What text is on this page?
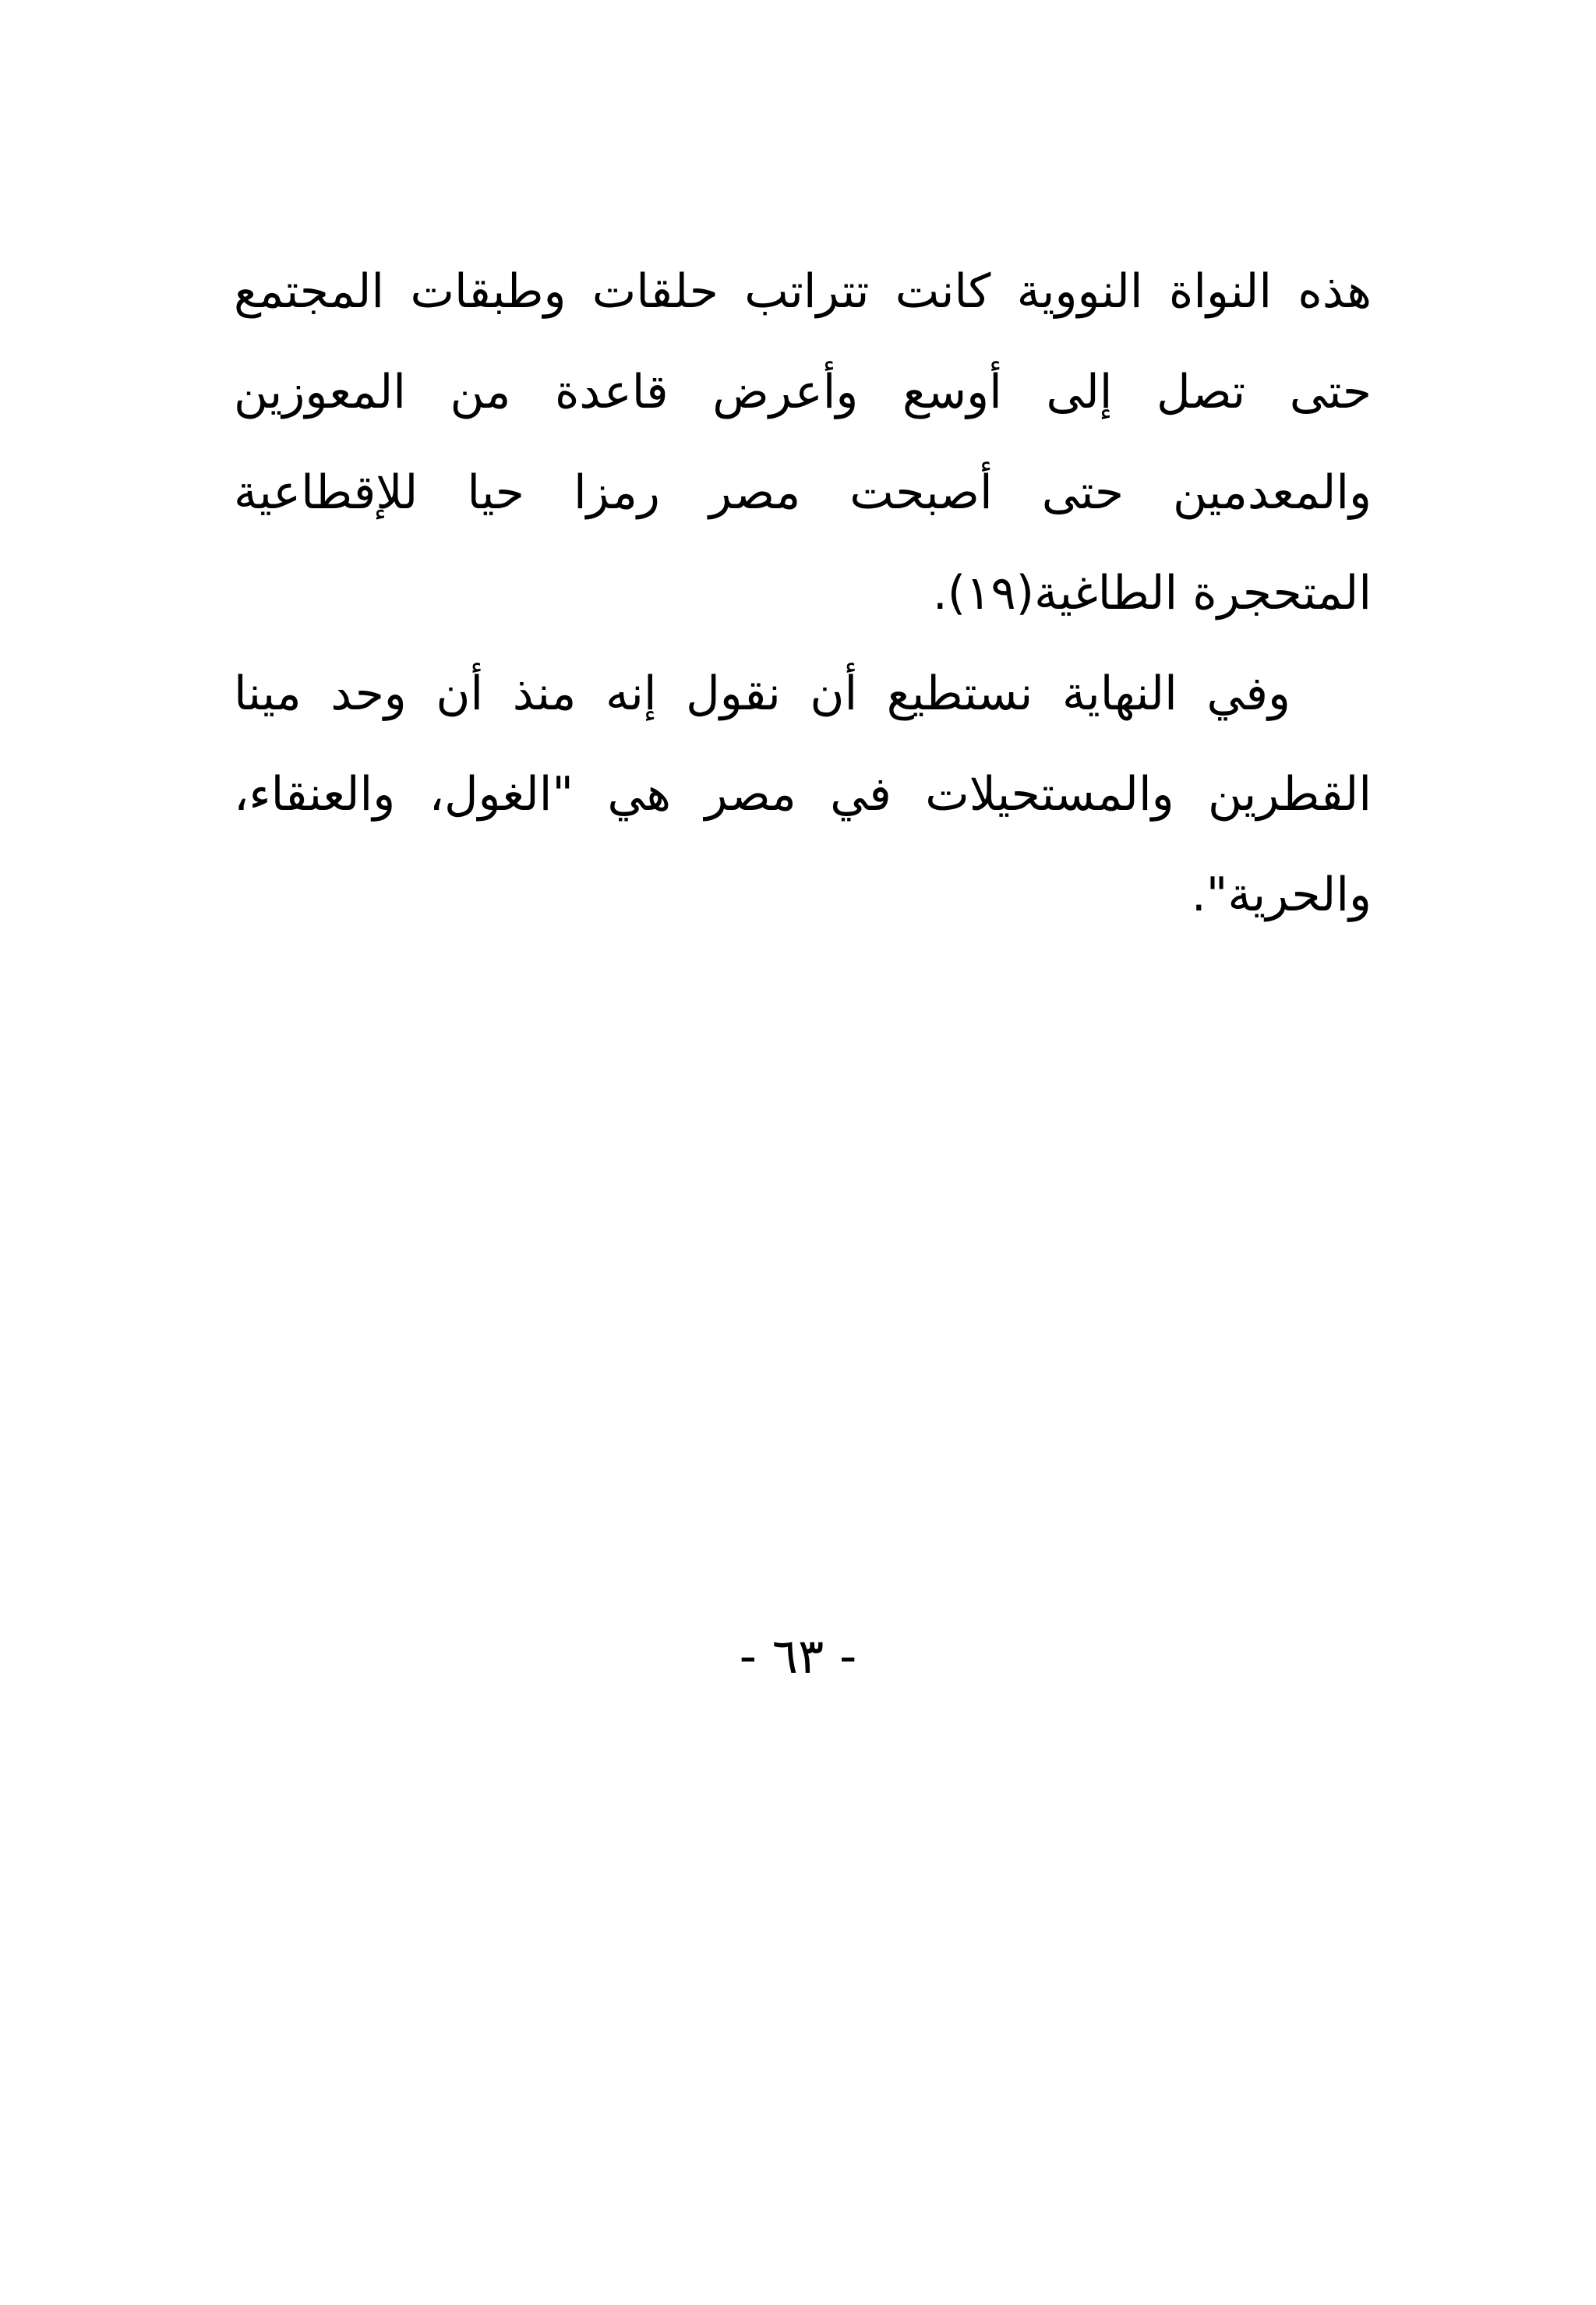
هذه النواة النووية كانت تتراتب حلقات وطبقات المجتمع
حتى تصل إلى أوسع وأعرض قاعدة من المعوزين
والمعدمين حتى أصبحت مصر رمزا حيا للإقطاعية
المتحجرة الطاغية(١٩).
وفي النهاية نستطيع أن نقول إنه منذ أن وحد مينا
القطرين والمستحيلات في مصر هي "الغول، والعنقاء،
والحرية".
- ٦٣ -
